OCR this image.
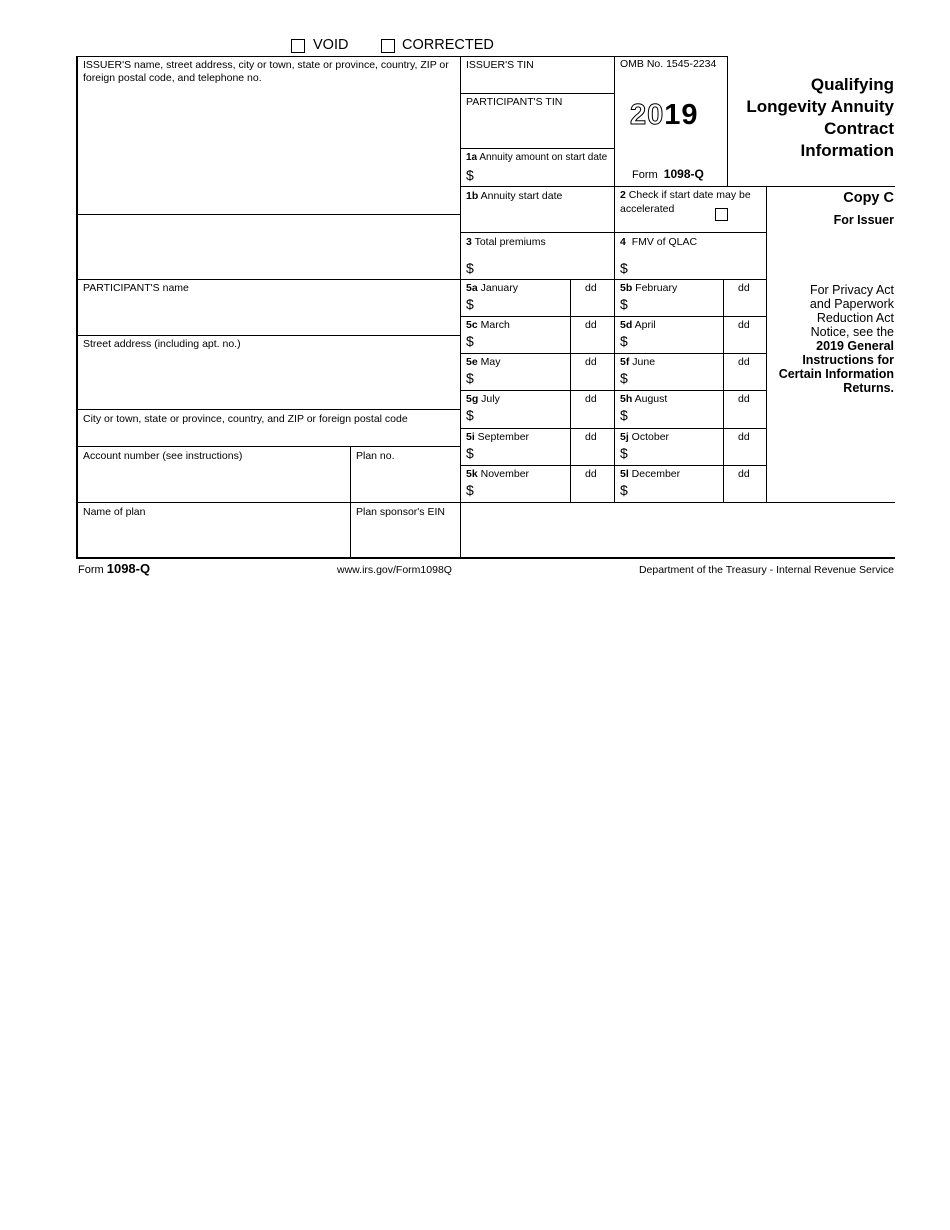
VOID	CORRECTED
ISSUER'S name, street address, city or town, state or province, country, ZIP or foreign postal code, and telephone no.
ISSUER'S TIN
PARTICIPANT'S TIN
1a Annuity amount on start date
$
OMB No. 1545-2234
2019
Form 1098-Q
Qualifying
Longevity Annuity
Contract
Information
1b Annuity start date	2 Check if start date may be accelerated
Copy C
For Issuer
3 Total premiums
$
4 FMV of QLAC
$
For Privacy Act
and Paperwork
Reduction Act
Notice, see the
2019 General
Instructions for
Certain Information
Returns.
PARTICIPANT'S name
Street address (including apt. no.)
City or town, state or province, country, and ZIP or foreign postal code
5a January	dd
$
5b February	dd
$
5c March	dd
$
5d April	dd
$
5e May	dd
$
5f June	dd
$
5g July	dd
$
5h August	dd
$
5i September	dd
$
5j October	dd
$
5k November	dd
$
5l December	dd
$
Account number (see instructions)	Plan no.
Name of plan	Plan sponsor's EIN
Form 1098-Q	www.irs.gov/Form1098Q	Department of the Treasury - Internal Revenue Service
